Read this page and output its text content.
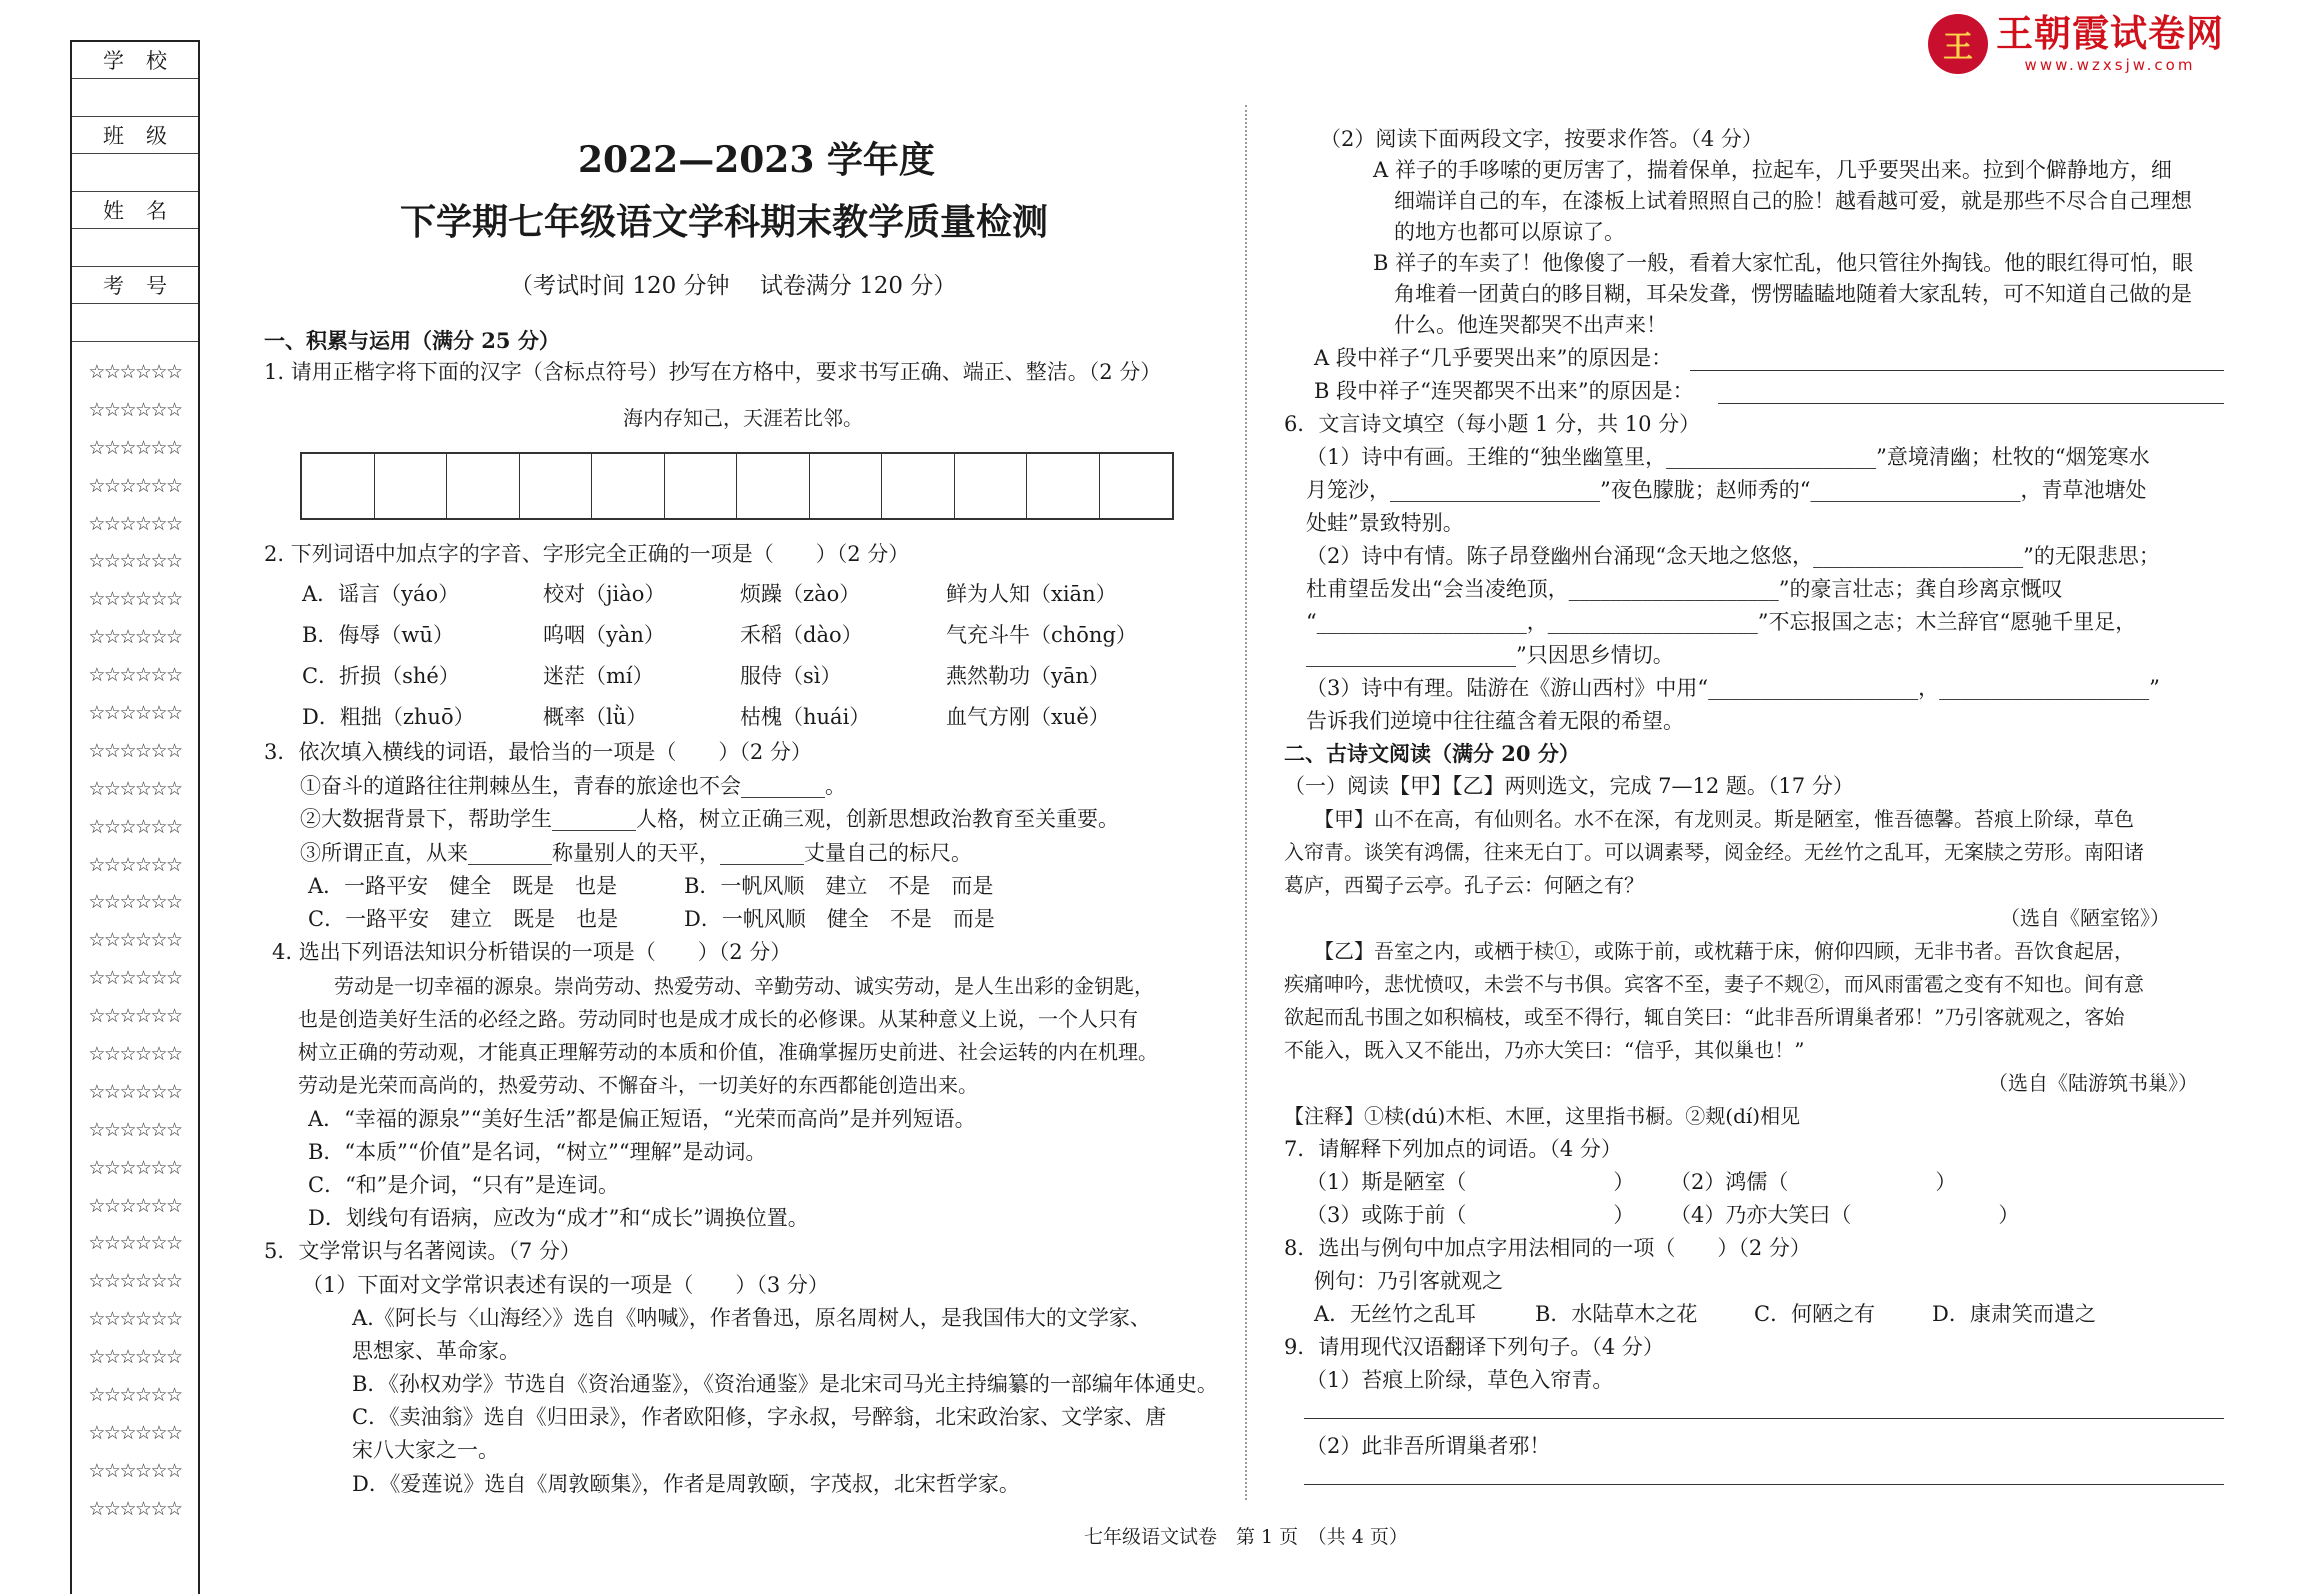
学校
班级
姓名
考号
☆☆☆☆☆☆
☆☆☆☆☆☆
☆☆☆☆☆☆
☆☆☆☆☆☆
☆☆☆☆☆☆
☆☆☆☆☆☆
☆☆☆☆☆☆
☆☆☆☆☆☆
☆☆☆☆☆☆
☆☆☆☆☆☆
☆☆☆☆☆☆
☆☆☆☆☆☆
☆☆☆☆☆☆
☆☆☆☆☆☆
☆☆☆☆☆☆
☆☆☆☆☆☆
☆☆☆☆☆☆
☆☆☆☆☆☆
☆☆☆☆☆☆
☆☆☆☆☆☆
☆☆☆☆☆☆
☆☆☆☆☆☆
☆☆☆☆☆☆
☆☆☆☆☆☆
☆☆☆☆☆☆
☆☆☆☆☆☆
☆☆☆☆☆☆
☆☆☆☆☆☆
☆☆☆☆☆☆
☆☆☆☆☆☆
☆☆☆☆☆☆
王 王朝霞试卷网
www.wzxsjw.com
2022—2023 学年度
下学期七年级语文学科期末教学质量检测
（考试时间 120 分钟　 试卷满分 120 分）
一、积累与运用（满分 25 分）
1. 请用正楷字将下面的汉字（含标点符号）抄写在方格中，要求书写正确、端正、整洁。（2 分）
海内存知己，天涯若比邻。
2. 下列词语中加点字的字音、字形完全正确的一项是（　　）（2 分）
A．谣言（yáo）	校对（jiào）	烦躁（zào）	鲜为人知（xiān）
B．侮辱（wū）	呜咽（yàn）	禾稻（dào）	气充斗牛（chōng）
C．折损（shé）	迷茫（mí）	服侍（sì）	燕然勒功（yān）
D．粗拙（zhuō）	概率（lǜ）	枯槐（huái）	血气方刚（xuě）
3．依次填入横线的词语，最恰当的一项是（　　）（2 分）
①奋斗的道路往往荆棘丛生，青春的旅途也不会________。
②大数据背景下，帮助学生________人格，树立正确三观，创新思想政治教育至关重要。
③所谓正直，从来________称量别人的天平，________丈量自己的标尺。
A．一路平安　健全　既是　也是	B．一帆风顺　建立　不是　而是
C．一路平安　建立　既是　也是	D．一帆风顺　健全　不是　而是
4. 选出下列语法知识分析错误的一项是（　　）（2 分）
劳动是一切幸福的源泉。崇尚劳动、热爱劳动、辛勤劳动、诚实劳动，是人生出彩的金钥匙，
也是创造美好生活的必经之路。劳动同时也是成才成长的必修课。从某种意义上说，一个人只有
树立正确的劳动观，才能真正理解劳动的本质和价值，准确掌握历史前进、社会运转的内在机理。
劳动是光荣而高尚的，热爱劳动、不懈奋斗，一切美好的东西都能创造出来。
A．“幸福的源泉”“美好生活”都是偏正短语，“光荣而高尚”是并列短语。
B．“本质”“价值”是名词，“树立”“理解”是动词。
C．“和”是介词，“只有”是连词。
D．划线句有语病，应改为“成才”和“成长”调换位置。
5．文学常识与名著阅读。（7 分）
（1）下面对文学常识表述有误的一项是（　　）（3 分）
A.《阿长与〈山海经〉》选自《呐喊》，作者鲁迅，原名周树人，是我国伟大的文学家、
思想家、革命家。
B．《孙权劝学》节选自《资治通鉴》，《资治通鉴》是北宋司马光主持编纂的一部编年体通史。
C．《卖油翁》选自《归田录》，作者欧阳修，字永叔，号醉翁，北宋政治家、文学家、唐
宋八大家之一。
D．《爱莲说》选自《周敦颐集》，作者是周敦颐，字茂叔，北宋哲学家。
（2）阅读下面两段文字，按要求作答。（4 分）
A 祥子的手哆嗦的更厉害了，揣着保单，拉起车，几乎要哭出来。拉到个僻静地方，细
细端详自己的车，在漆板上试着照照自己的脸！越看越可爱，就是那些不尽合自己理想
的地方也都可以原谅了。
B 祥子的车卖了！他像傻了一般，看着大家忙乱，他只管往外掏钱。他的眼红得可怕，眼
角堆着一团黄白的眵目糊，耳朵发聋，愣愣瞌瞌地随着大家乱转，可不知道自己做的是
什么。他连哭都哭不出声来！
A 段中祥子“几乎要哭出来”的原因是：
B 段中祥子“连哭都哭不出来”的原因是：
6．文言诗文填空（每小题 1 分，共 10 分）
（1）诗中有画。王维的“独坐幽篁里，____________________”意境清幽；杜牧的“烟笼寒水
月笼沙，____________________”夜色朦胧；赵师秀的“____________________，青草池塘处
处蛙”景致特别。
（2）诗中有情。陈子昂登幽州台涌现“念天地之悠悠，____________________”的无限悲思；
杜甫望岳发出“会当凌绝顶，____________________”的豪言壮志；龚自珍离京慨叹
“____________________，____________________”不忘报国之志；木兰辞官“愿驰千里足，
____________________”只因思乡情切。
（3）诗中有理。陆游在《游山西村》中用“____________________，____________________”
告诉我们逆境中往往蕴含着无限的希望。
二、古诗文阅读（满分 20 分）
（一）阅读【甲】【乙】两则选文，完成 7—12 题。（17 分）
【甲】山不在高，有仙则名。水不在深，有龙则灵。斯是陋室，惟吾德馨。苔痕上阶绿，草色
入帘青。谈笑有鸿儒，往来无白丁。可以调素琴，阅金经。无丝竹之乱耳，无案牍之劳形。南阳诸
葛庐，西蜀子云亭。孔子云：何陋之有？
（选自《陋室铭》）
【乙】吾室之内，或栖于椟①，或陈于前，或枕藉于床，俯仰四顾，无非书者。吾饮食起居，
疾痛呻吟，悲忧愤叹，未尝不与书俱。宾客不至，妻子不觌②，而风雨雷雹之变有不知也。间有意
欲起而乱书围之如积槁枝，或至不得行，辄自笑曰：“此非吾所谓巢者邪！”乃引客就观之，客始
不能入，既入又不能出，乃亦大笑曰：“信乎，其似巢也！”
（选自《陆游筑书巢》）
【注释】①椟(dú)木柜、木匣，这里指书橱。②觌(dí)相见
7．请解释下列加点的词语。（4 分）
（1）斯是陋室（　　　　　　　） （2）鸿儒（　　　　　　　）
（3）或陈于前（　　　　　　　） （4）乃亦大笑曰（　　　　　　　）
8．选出与例句中加点字用法相同的一项（　　）（2 分）
例句：乃引客就观之
A．无丝竹之乱耳	B．水陆草木之花	C．何陋之有	D．康肃笑而遣之
9．请用现代汉语翻译下列句子。（4 分）
（1）苔痕上阶绿，草色入帘青。
（2）此非吾所谓巢者邪！
七年级语文试卷　第 1 页　（共 4 页）
